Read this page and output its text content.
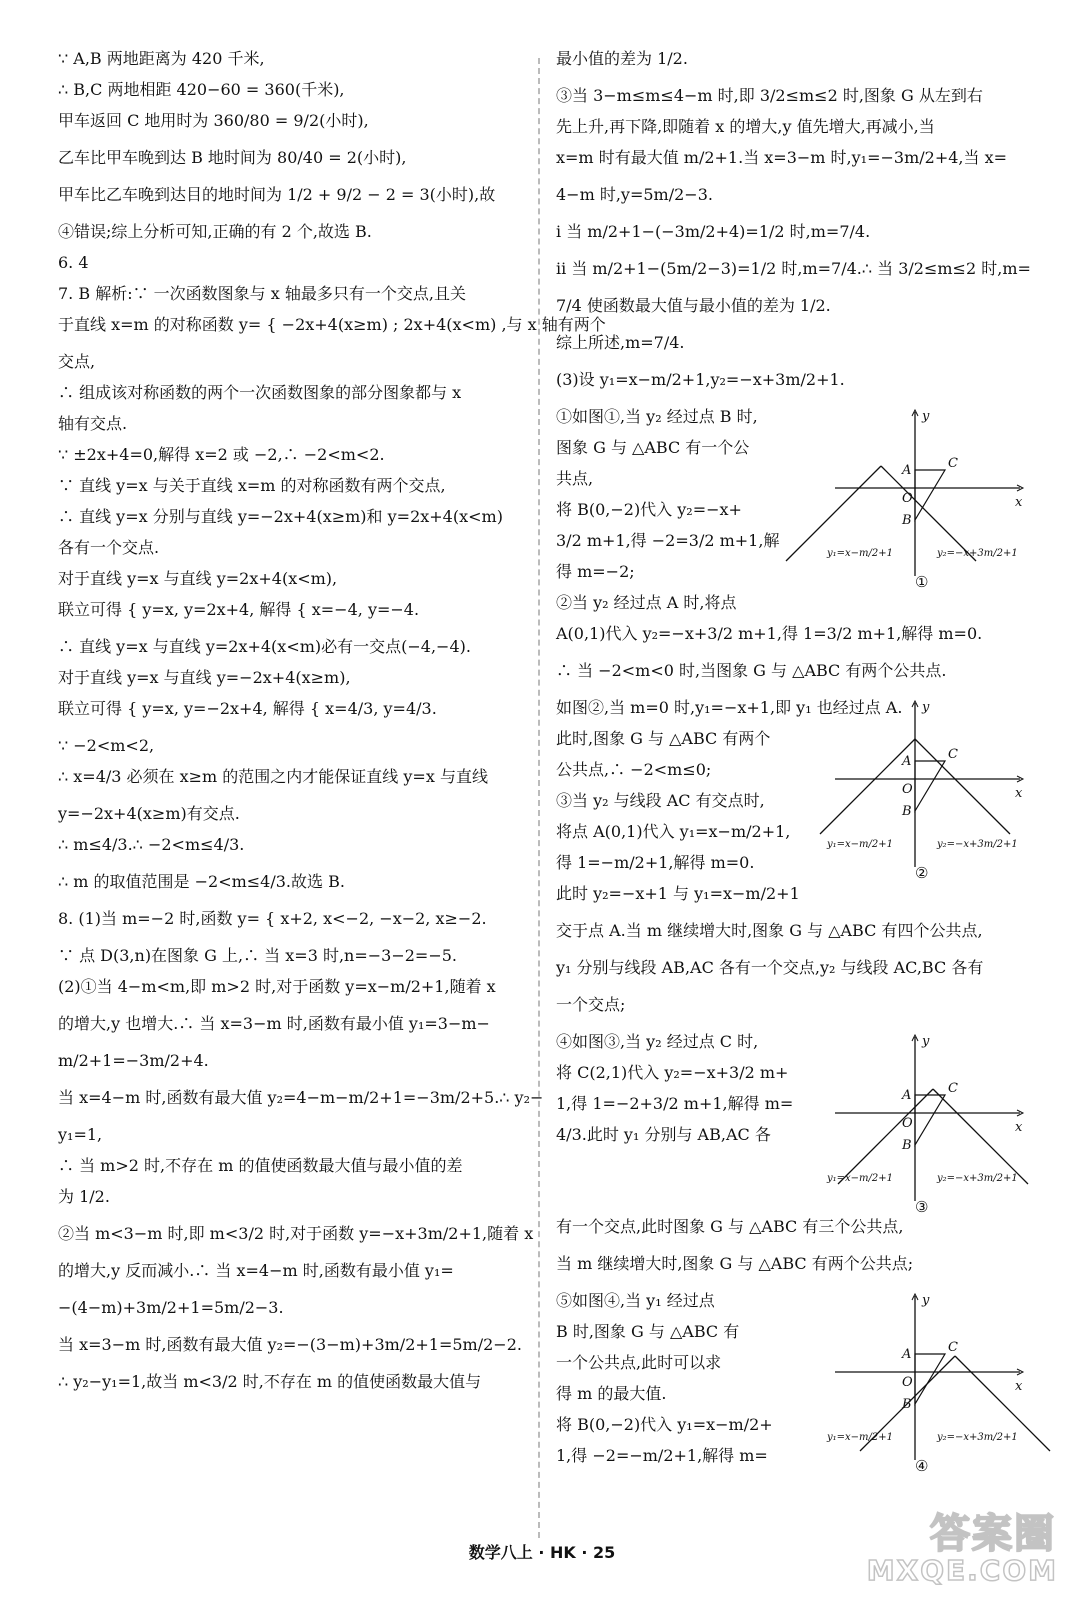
∵ A,B 两地距离为 420 千米,
∴ B,C 两地相距 420−60 = 360(千米),
甲车返回 C 地用时为 360/80 = 9/2(小时),
乙车比甲车晚到达 B 地时间为 80/40 = 2(小时),
甲车比乙车晚到达目的地时间为 1/2 + 9/2 − 2 = 3(小时),故
④错误;综上分析可知,正确的有 2 个,故选 B.
6. 4
7. B 解析:∵ 一次函数图象与 x 轴最多只有一个交点,且关
于直线 x=m 的对称函数 y= { −2x+4(x≥m) ; 2x+4(x<m) ,与 x 轴有两个
交点,
∴ 组成该对称函数的两个一次函数图象的部分图象都与 x
轴有交点.
∵ ±2x+4=0,解得 x=2 或 −2,∴ −2<m<2.
∵ 直线 y=x 与关于直线 x=m 的对称函数有两个交点,
∴ 直线 y=x 分别与直线 y=−2x+4(x≥m)和 y=2x+4(x<m)
各有一个交点.
对于直线 y=x 与直线 y=2x+4(x<m),
联立可得 { y=x, y=2x+4, 解得 { x=−4, y=−4.
∴ 直线 y=x 与直线 y=2x+4(x<m)必有一交点(−4,−4).
对于直线 y=x 与直线 y=−2x+4(x≥m),
联立可得 { y=x, y=−2x+4, 解得 { x=4/3, y=4/3.
∵ −2<m<2,
∴ x=4/3 必须在 x≥m 的范围之内才能保证直线 y=x 与直线
y=−2x+4(x≥m)有交点.
∴ m≤4/3.∴ −2<m≤4/3.
∴ m 的取值范围是 −2<m≤4/3.故选 B.
8. (1)当 m=−2 时,函数 y= { x+2, x<−2, −x−2, x≥−2.
∵ 点 D(3,n)在图象 G 上,∴ 当 x=3 时,n=−3−2=−5.
(2)①当 4−m<m,即 m>2 时,对于函数 y=x−m/2+1,随着 x
的增大,y 也增大.∴ 当 x=3−m 时,函数有最小值 y₁=3−m−
m/2+1=−3m/2+4.
当 x=4−m 时,函数有最大值 y₂=4−m−m/2+1=−3m/2+5.∴ y₂−
y₁=1,
∴ 当 m>2 时,不存在 m 的值使函数最大值与最小值的差
为 1/2.
②当 m<3−m 时,即 m<3/2 时,对于函数 y=−x+3m/2+1,随着 x
的增大,y 反而减小.∴ 当 x=4−m 时,函数有最小值 y₁=
−(4−m)+3m/2+1=5m/2−3.
当 x=3−m 时,函数有最大值 y₂=−(3−m)+3m/2+1=5m/2−2.
∴ y₂−y₁=1,故当 m<3/2 时,不存在 m 的值使函数最大值与
最小值的差为 1/2.
③当 3−m≤m≤4−m 时,即 3/2≤m≤2 时,图象 G 从左到右
先上升,再下降,即随着 x 的增大,y 值先增大,再减小,当
x=m 时有最大值 m/2+1.当 x=3−m 时,y₁=−3m/2+4,当 x=
4−m 时,y=5m/2−3.
ⅰ 当 m/2+1−(−3m/2+4)=1/2 时,m=7/4.
ⅱ 当 m/2+1−(5m/2−3)=1/2 时,m=7/4.∴ 当 3/2≤m≤2 时,m=
7/4 使函数最大值与最小值的差为 1/2.
综上所述,m=7/4.
(3)设 y₁=x−m/2+1,y₂=−x+3m/2+1.
①如图①,当 y₂ 经过点 B 时,
图象 G 与 △ABC 有一个公
共点,
将 B(0,−2)代入 y₂=−x+
3/2 m+1,得 −2=3/2 m+1,解
得 m=−2;
②当 y₂ 经过点 A 时,将点
x
y
A	C
O
B
y₁=x−m/2+1	y₂=−x+3m/2+1
①
A(0,1)代入 y₂=−x+3/2 m+1,得 1=3/2 m+1,解得 m=0.
∴ 当 −2<m<0 时,当图象 G 与 △ABC 有两个公共点.
如图②,当 m=0 时,y₁=−x+1,即 y₁ 也经过点 A.
此时,图象 G 与 △ABC 有两个
公共点,∴ −2<m≤0;
③当 y₂ 与线段 AC 有交点时,
将点 A(0,1)代入 y₁=x−m/2+1,
得 1=−m/2+1,解得 m=0.
x
y
A	C
O
B
y₁=x−m/2+1	y₂=−x+3m/2+1
②
此时 y₂=−x+1 与 y₁=x−m/2+1
交于点 A.当 m 继续增大时,图象 G 与 △ABC 有四个公共点,
y₁ 分别与线段 AB,AC 各有一个交点,y₂ 与线段 AC,BC 各有
一个交点;
④如图③,当 y₂ 经过点 C 时,
将 C(2,1)代入 y₂=−x+3/2 m+
1,得 1=−2+3/2 m+1,解得 m=
4/3.此时 y₁ 分别与 AB,AC 各	x
y
A	C
O
B
y₁=x−m/2+1	y₂=−x+3m/2+1
③
有一个交点,此时图象 G 与 △ABC 有三个公共点,
当 m 继续增大时,图象 G 与 △ABC 有两个公共点;
⑤如图④,当 y₁ 经过点
B 时,图象 G 与 △ABC 有
一个公共点,此时可以求
得 m 的最大值.
将 B(0,−2)代入 y₁=x−m/2+
1,得 −2=−m/2+1,解得 m=
x
y
A	C
O
B
y₁=x−m/2+1	y₂=−x+3m/2+1
④
数学八上 · HK · 25	答案圈
MXQE.COM
